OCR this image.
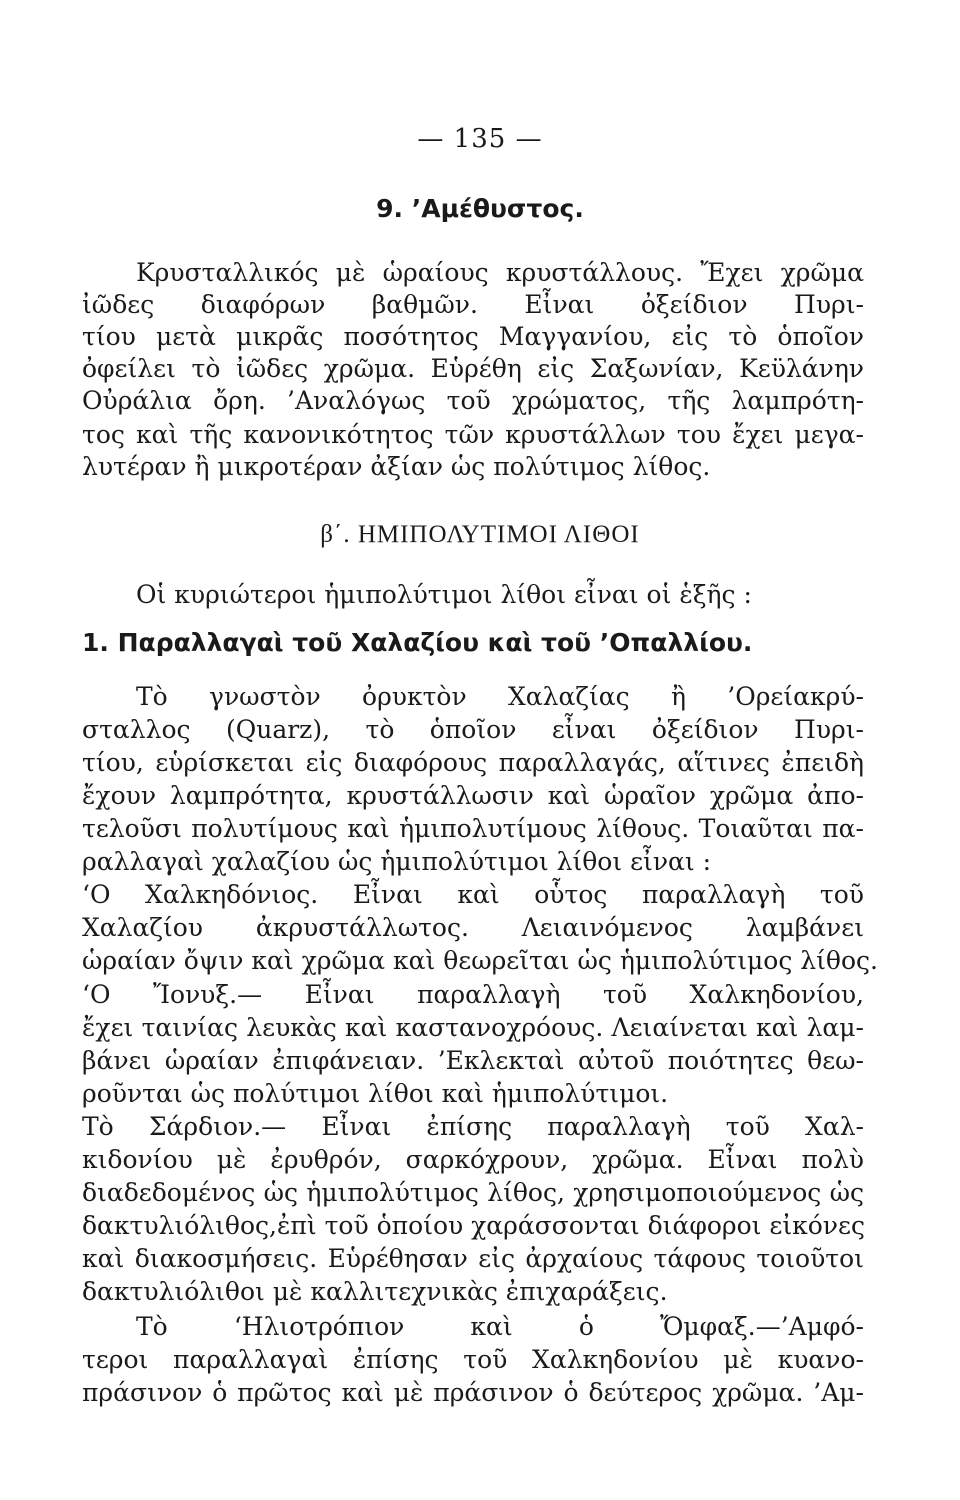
— 135 —
9. ’Αμέθυστος.
Κρυσταλλικός μὲ ὡραίους κρυστάλλους. Ἔχει χρῶμα
ἰῶδες διαφόρων βαθμῶν. Εἶναι ὀξείδιον Πυρι-
τίου μετὰ μικρᾶς ποσότητος Μαγγανίου, εἰς τὸ ὁποῖον
ὀφείλει τὸ ἰῶδες χρῶμα. Εὑρέθη εἰς Σαξωνίαν, Κεϋλάνην
Οὐράλια ὄρη. ’Αναλόγως τοῦ χρώματος, τῆς λαμπρότη-
τος καὶ τῆς κανονικότητος τῶν κρυστάλλων του ἔχει μεγα-
λυτέραν ἢ μικροτέραν ἀξίαν ὡς πολύτιμος λίθος.
β΄. ΗΜΙΠΟΛΥΤΙΜΟΙ ΛΙΘΟΙ
Οἱ κυριώτεροι ἡμιπολύτιμοι λίθοι εἶναι οἱ ἑξῆς :
1. Παραλλαγαὶ τοῦ Χαλαζίου καὶ τοῦ ’Οπαλλίου.
Τὸ γνωστὸν ὀρυκτὸν Χαλαζίας ἢ ’Ορείακρύ-
σταλλος (Quarz), τὸ ὁποῖον εἶναι ὀξείδιον Πυρι-
τίου, εὑρίσκεται εἰς διαφόρους παραλλαγάς, αἵτινες ἐπειδὴ
ἔχουν λαμπρότητα, κρυστάλλωσιν καὶ ὡραῖον χρῶμα ἀπο-
τελοῦσι πολυτίμους καὶ ἡμιπολυτίμους λίθους. Τοιαῦται πα-
ραλλαγαὶ χαλαζίου ὡς ἡμιπολύτιμοι λίθοι εἶναι :
‘Ο Χαλκηδόνιος. Εἶναι καὶ οὗτος παραλλαγὴ τοῦ
Χαλαζίου ἀκρυστάλλωτος. Λειαινόμενος λαμβάνει
ὡραίαν ὄψιν καὶ χρῶμα καὶ θεωρεῖται ὡς ἡμιπολύτιμος λίθος.
‘Ο Ἴονυξ.— Εἶναι παραλλαγὴ τοῦ Χαλκηδονίου,
ἔχει ταινίας λευκὰς καὶ καστανοχρόους. Λειαίνεται καὶ λαμ-
βάνει ὡραίαν ἐπιφάνειαν. ’Εκλεκταὶ αὐτοῦ ποιότητες θεω-
ροῦνται ὡς πολύτιμοι λίθοι καὶ ἡμιπολύτιμοι.
Τὸ Σάρδιον.— Εἶναι ἐπίσης παραλλαγὴ τοῦ Χαλ-
κιδονίου μὲ ἐρυθρόν, σαρκόχρουν, χρῶμα. Εἶναι πολὺ
διαδεδομένος ὡς ἡμιπολύτιμος λίθος, χρησιμοποιούμενος ὡς
δακτυλιόλιθος,ἐπὶ τοῦ ὁποίου χαράσσονται διάφοροι εἰκόνες
καὶ διακοσμήσεις. Εὑρέθησαν εἰς ἀρχαίους τάφους τοιοῦτοι
δακτυλιόλιθοι μὲ καλλιτεχνικὰς ἐπιχαράξεις.
Τὸ ‘Ηλιοτρόπιον καὶ ὁ Ὄμφαξ.—’Αμφό-
τεροι παραλλαγαὶ ἐπίσης τοῦ Χαλκηδονίου μὲ κυανο-
πράσινον ὁ πρῶτος καὶ μὲ πράσινον ὁ δεύτερος χρῶμα. ’Αμ-
